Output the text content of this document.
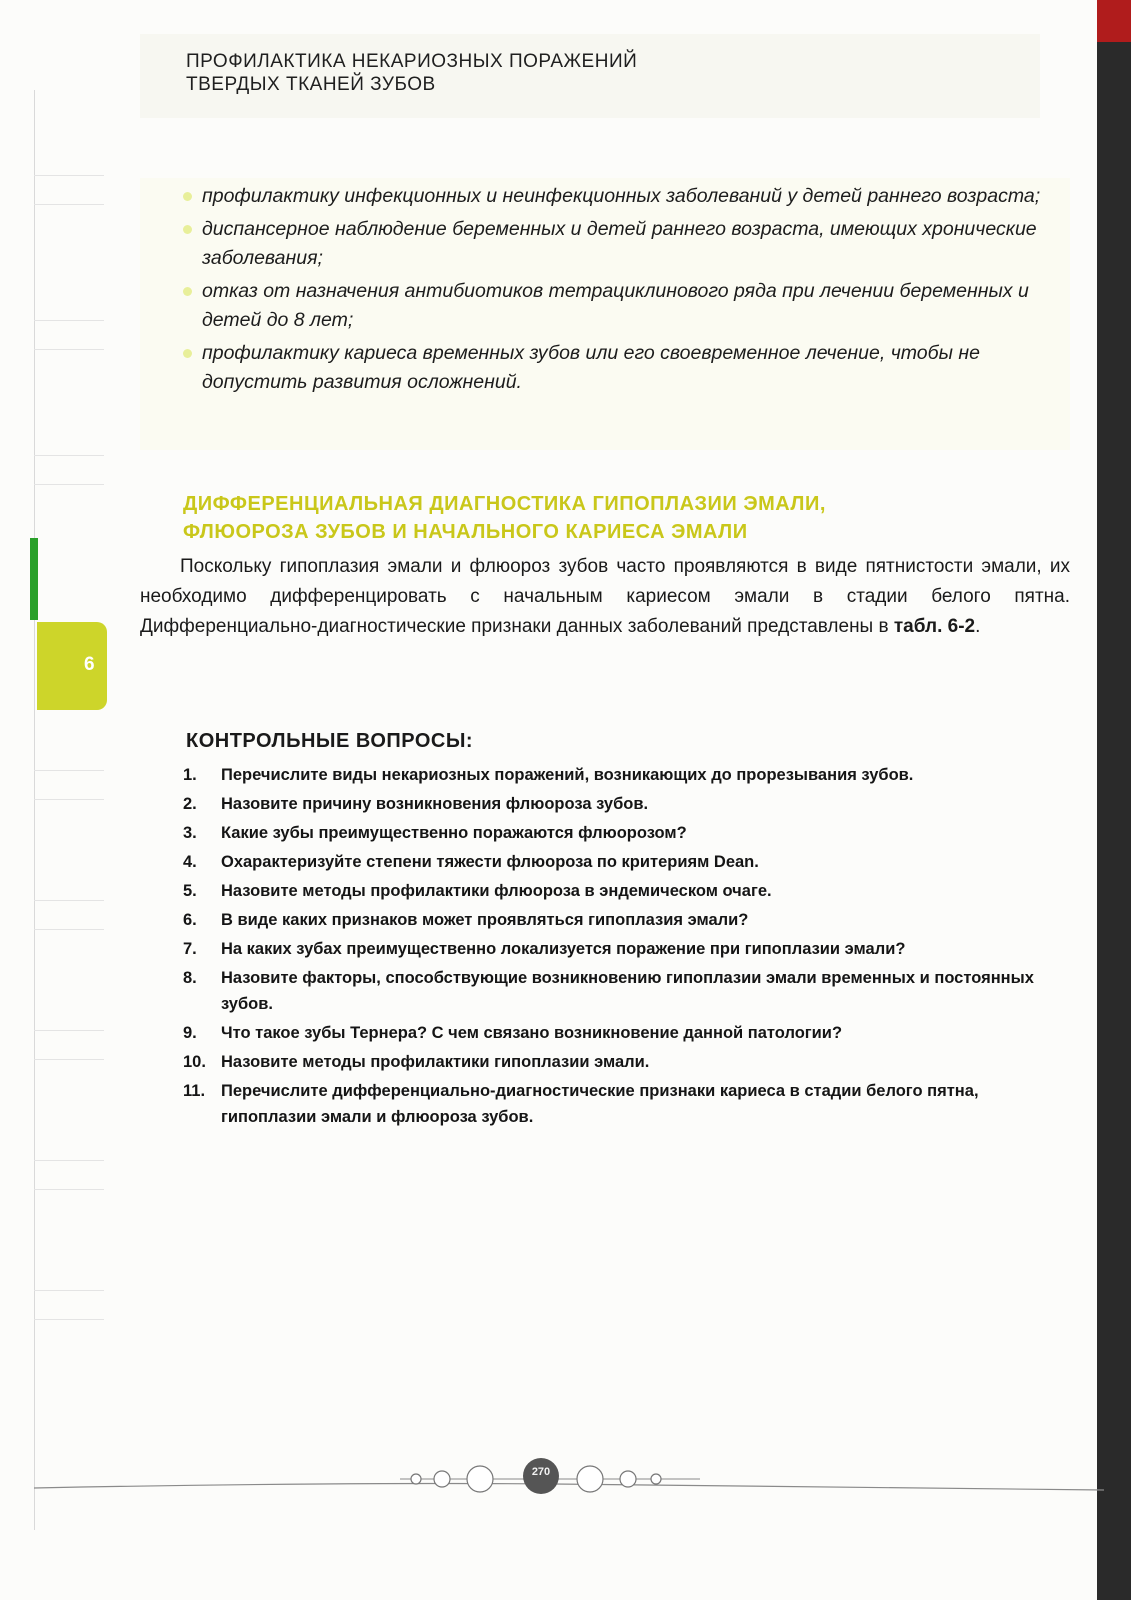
ПРОФИЛАКТИКА НЕКАРИОЗНЫХ ПОРАЖЕНИЙ
ТВЕРДЫХ ТКАНЕЙ ЗУБОВ
профилактику инфекционных и неинфекционных заболеваний у детей раннего возраста;
диспансерное наблюдение беременных и детей раннего возраста, имеющих хронические заболевания;
отказ от назначения антибиотиков тетрациклинового ряда при лечении беременных и детей до 8 лет;
профилактику кариеса временных зубов или его своевременное лечение, чтобы не допустить развития осложнений.
ДИФФЕРЕНЦИАЛЬНАЯ ДИАГНОСТИКА ГИПОПЛАЗИИ ЭМАЛИ,
ФЛЮОРОЗА ЗУБОВ И НАЧАЛЬНОГО КАРИЕСА ЭМАЛИ
Поскольку гипоплазия эмали и флюороз зубов часто проявляются в виде пятнистости эмали, их необходимо дифференцировать с начальным кариесом эмали в стадии белого пятна. Дифференциально-диагностические признаки данных заболеваний представлены в табл. 6-2.
6
КОНТРОЛЬНЫЕ ВОПРОСЫ:
1.	Перечислите виды некариозных поражений, возникающих до прорезывания зубов.
2.	Назовите причину возникновения флюороза зубов.
3.	Какие зубы преимущественно поражаются флюорозом?
4.	Охарактеризуйте степени тяжести флюороза по критериям Dean.
5.	Назовите методы профилактики флюороза в эндемическом очаге.
6.	В виде каких признаков может проявляться гипоплазия эмали?
7.	На каких зубах преимущественно локализуется поражение при гипоплазии эмали?
8.	Назовите факторы, способствующие возникновению гипоплазии эмали временных и постоянных зубов.
9.	Что такое зубы Тернера? С чем связано возникновение данной патологии?
10. Назовите методы профилактики гипоплазии эмали.
11. Перечислите дифференциально-диагностические признаки кариеса в стадии белого пятна, гипоплазии эмали и флюороза зубов.
270
